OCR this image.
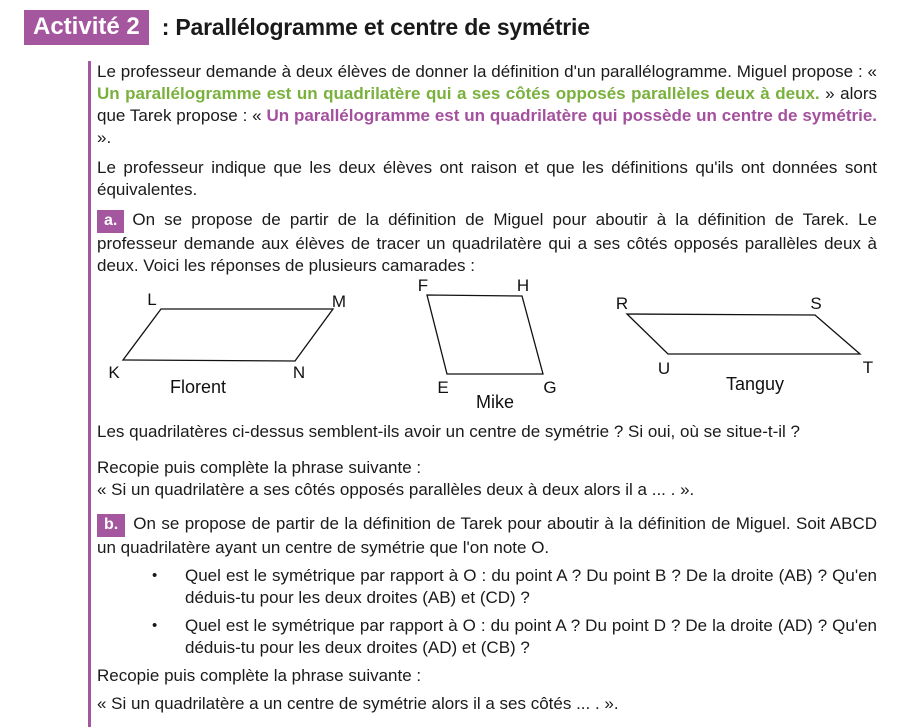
Activité 2 : Parallélogramme et centre de symétrie

Le professeur demande à deux élèves de donner la définition d'un parallélogramme. Miguel propose : « Un parallélogramme est un quadrilatère qui a ses côtés opposés parallèles deux à deux. » alors que Tarek propose : « Un parallélogramme est un quadrilatère qui possède un centre de symétrie. ».

Le professeur indique que les deux élèves ont raison et que les définitions qu'ils ont données sont équivalentes.

a. On se propose de partir de la définition de Miguel pour aboutir à la définition de Tarek. Le professeur demande aux élèves de tracer un quadrilatère qui a ses côtés opposés parallèles deux à deux. Voici les réponses de plusieurs camarades :

L	M
K	N
Florent
F	H
E	G
Mike
R	S
U	T
Tanguy

Les quadrilatères ci-dessus semblent-ils avoir un centre de symétrie ? Si oui, où se situe-t-il ?

Recopie puis complète la phrase suivante :

« Si un quadrilatère a ses côtés opposés parallèles deux à deux alors il a ... . ».

b. On se propose de partir de la définition de Tarek pour aboutir à la définition de Miguel. Soit ABCD un quadrilatère ayant un centre de symétrie que l'on note O.

•	Quel est le symétrique par rapport à O : du point A ? Du point B ? De la droite (AB) ? Qu'en déduis-tu pour les deux droites (AB) et (CD) ?

•	Quel est le symétrique par rapport à O : du point A ? Du point D ? De la droite (AD) ? Qu'en déduis-tu pour les deux droites (AD) et (CB) ?

Recopie puis complète la phrase suivante :

« Si un quadrilatère a un centre de symétrie alors il a ses côtés ... . ».
